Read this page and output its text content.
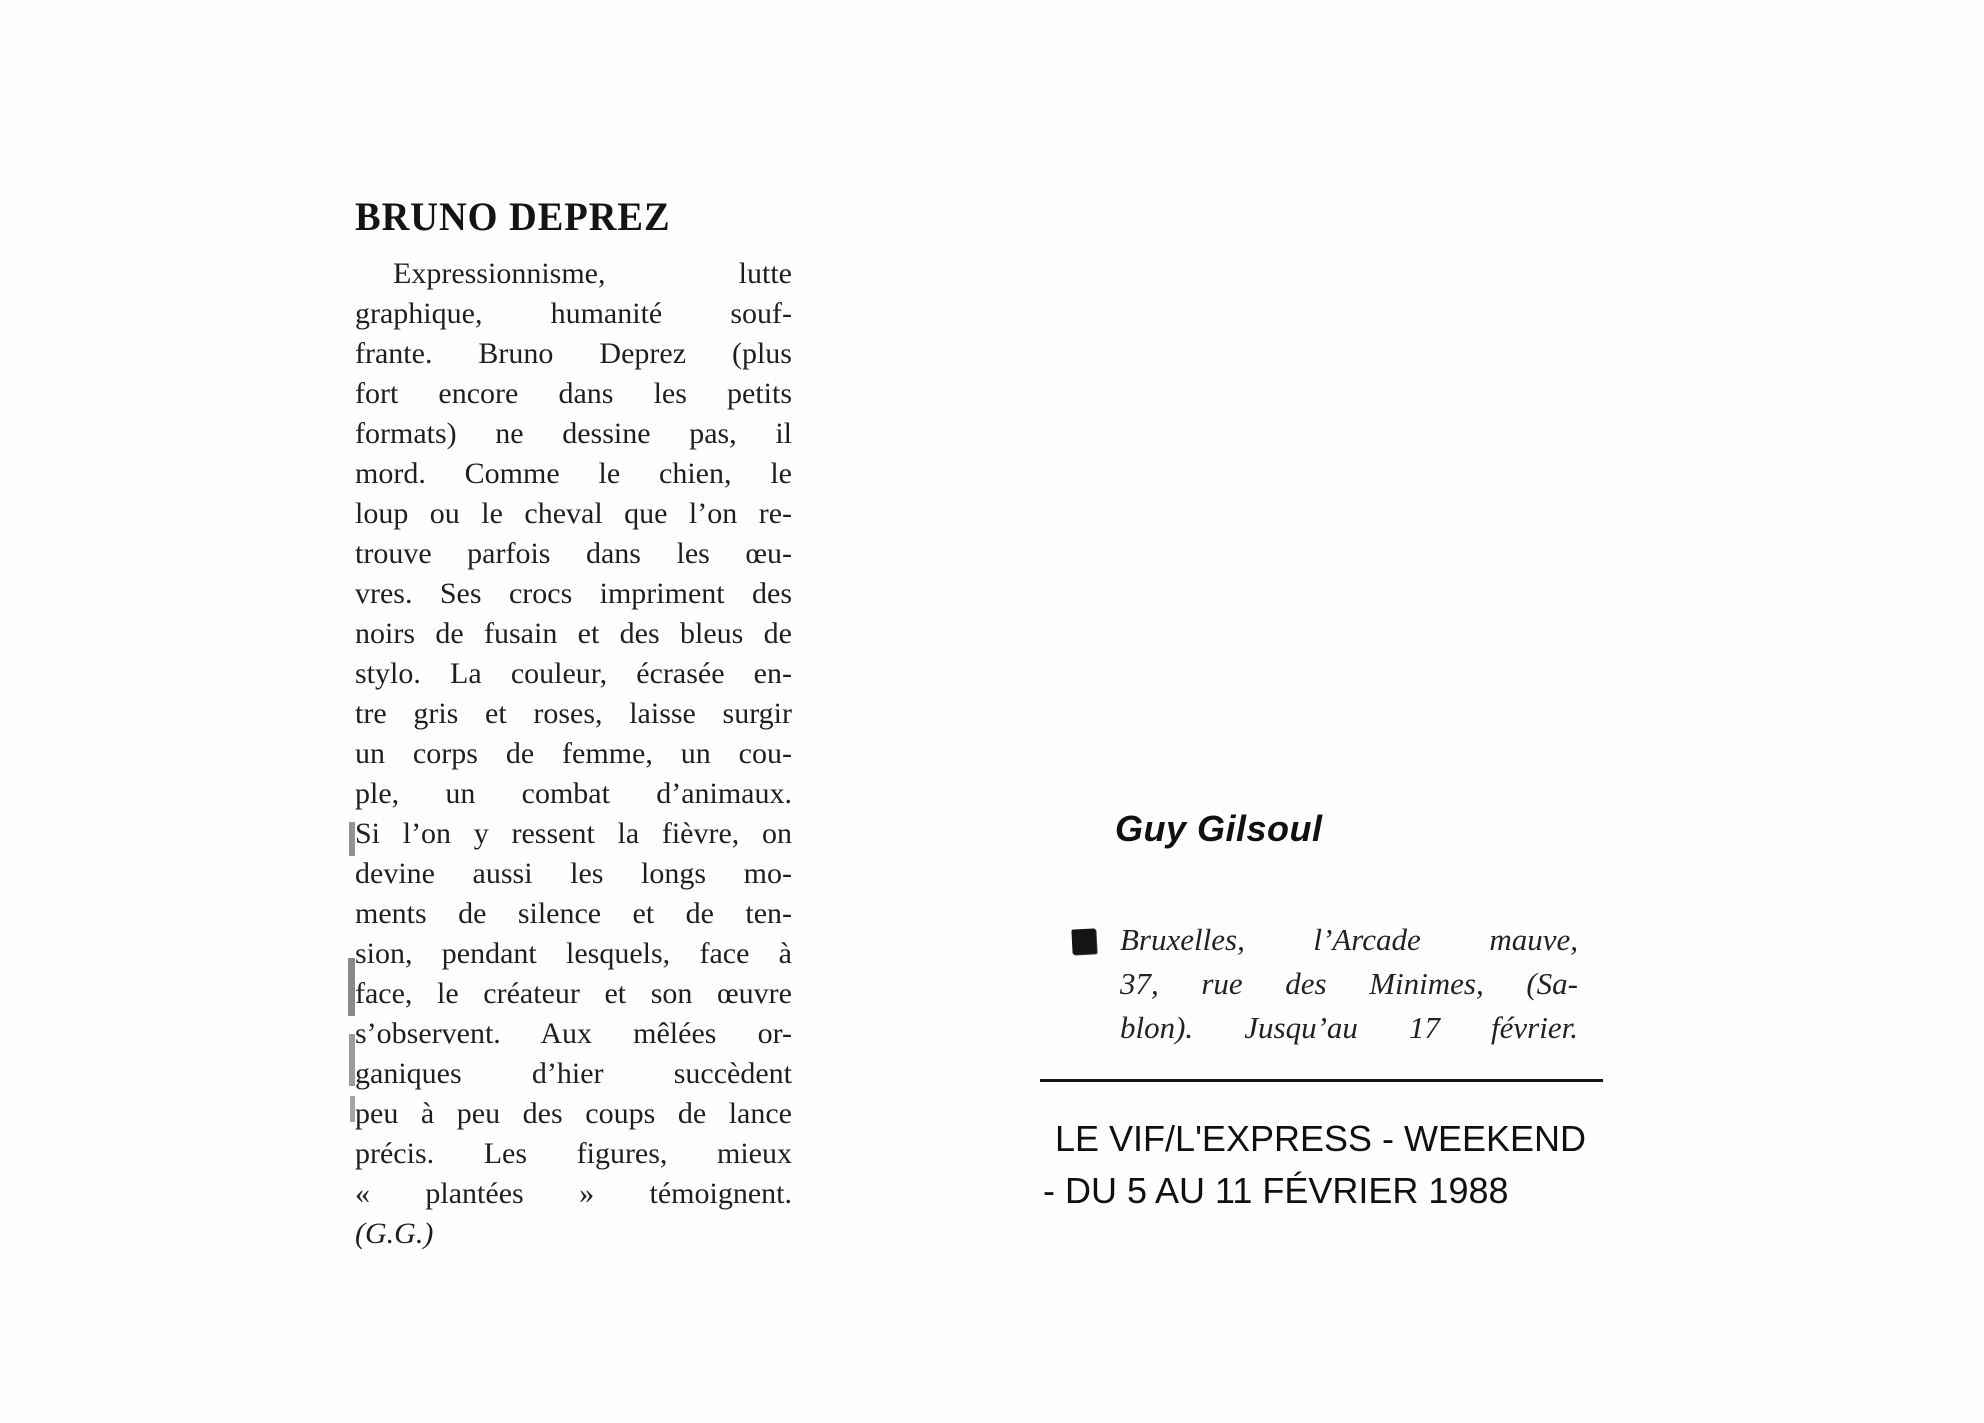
BRUNO DEPREZ
Expressionnisme, lutte
graphique, humanité souf-
frante. Bruno Deprez (plus
fort encore dans les petits
formats) ne dessine pas, il
mord. Comme le chien, le
loup ou le cheval que l’on re-
trouve parfois dans les œu-
vres. Ses crocs impriment des
noirs de fusain et des bleus de
stylo. La couleur, écrasée en-
tre gris et roses, laisse surgir
un corps de femme, un cou-
ple, un combat d’animaux.
Si l’on y ressent la fièvre, on
devine aussi les longs mo-
ments de silence et de ten-
sion, pendant lesquels, face à
face, le créateur et son œuvre
s’observent. Aux mêlées or-
ganiques d’hier succèdent
peu à peu des coups de lance
précis. Les figures, mieux
« plantées » témoignent.
(G.G.)
Guy Gilsoul
Bruxelles, l’Arcade mauve,
37, rue des Minimes, (Sa-
blon). Jusqu’au 17 février.
LE VIF/L'EXPRESS - WEEKEND
- DU 5 AU 11 FÉVRIER 1988
